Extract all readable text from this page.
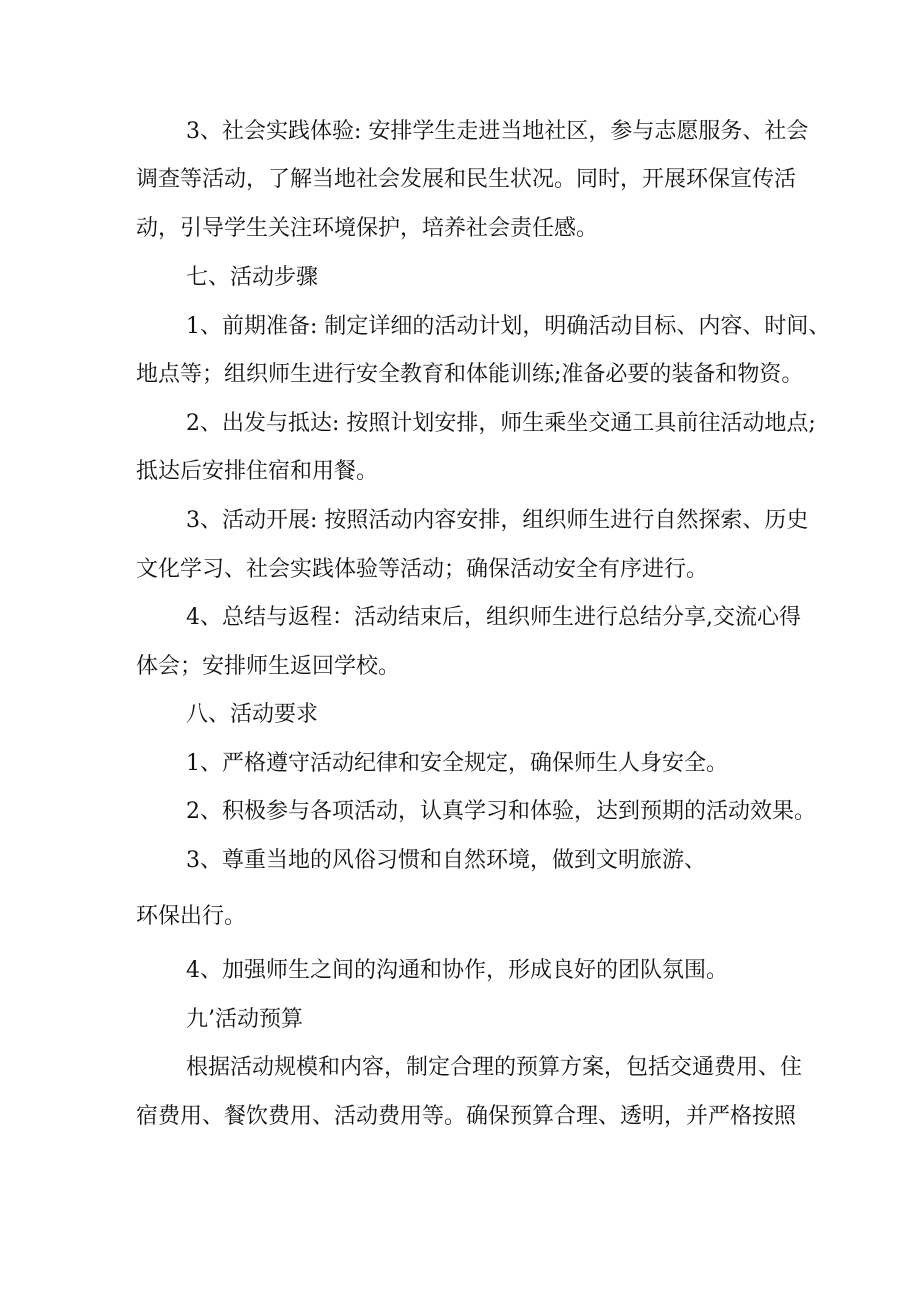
3、社会实践体验: 安排学生走进当地社区，参与志愿服务、社会
调查等活动，了解当地社会发展和民生状况。同时，开展环保宣传活
动，引导学生关注环境保护，培养社会责任感。
七、活动步骤
1、前期准备: 制定详细的活动计划，明确活动目标、内容、时间、
地点等；组织师生进行安全教育和体能训练;准备必要的装备和物资。
2、出发与抵达: 按照计划安排，师生乘坐交通工具前往活动地点;
抵达后安排住宿和用餐。
3、活动开展: 按照活动内容安排，组织师生进行自然探索、历史
文化学习、社会实践体验等活动；确保活动安全有序进行。
4、总结与返程：活动结束后，组织师生进行总结分享,交流心得
体会；安排师生返回学校。
八、活动要求
1、严格遵守活动纪律和安全规定，确保师生人身安全。
2、积极参与各项活动，认真学习和体验，达到预期的活动效果。
3、尊重当地的风俗习惯和自然环境，做到文明旅游、
环保出行。
4、加强师生之间的沟通和协作，形成良好的团队氛围。
九’活动预算
根据活动规模和内容，制定合理的预算方案，包括交通费用、住
宿费用、餐饮费用、活动费用等。确保预算合理、透明，并严格按照
